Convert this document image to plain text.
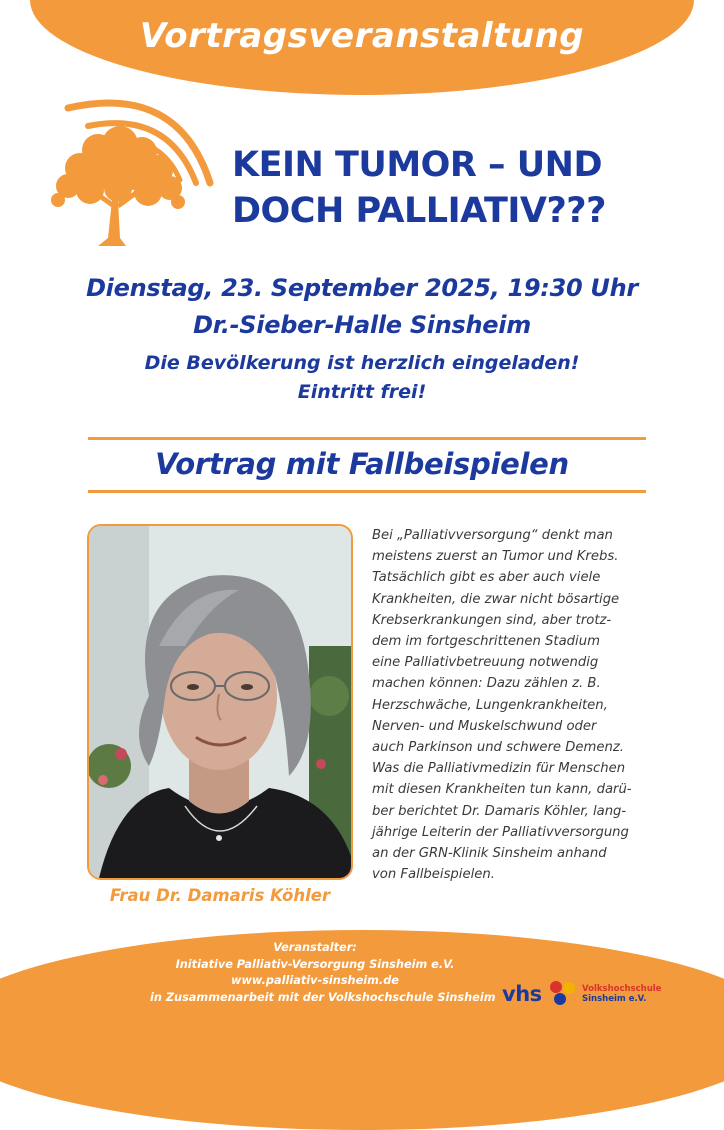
Vortragsveranstaltung
KEIN TUMOR – UND
DOCH PALLIATIV???
Dienstag, 23. September 2025, 19:30 Uhr
Dr.-Sieber-Halle Sinsheim
Die Bevölkerung ist herzlich eingeladen!
Eintritt frei!
Vortrag mit Fallbeispielen
Frau Dr. Damaris Köhler
Bei „Palliativversorgung“ denkt man
meistens zuerst an Tumor und Krebs.
Tatsächlich gibt es aber auch viele
Krankheiten, die zwar nicht bösartige
Krebserkrankungen sind, aber trotz-
dem im fortgeschrittenen Stadium
eine Palliativbetreuung notwendig
machen können: Dazu zählen z. B.
Herzschwäche, Lungenkrankheiten,
Nerven- und Muskelschwund oder
auch Parkinson und schwere Demenz.
Was die Palliativmedizin für Menschen
mit diesen Krankheiten tun kann, darü-
ber berichtet Dr. Damaris Köhler, lang-
jährige Leiterin der Palliativversorgung
an der GRN-Klinik Sinsheim anhand
von Fallbeispielen.
Veranstalter:
Initiative Palliativ-Versorgung Sinsheim e.V.
www.palliativ-sinsheim.de
in Zusammenarbeit mit der Volkshochschule Sinsheim vhs	Volkshochschule
Sinsheim e.V.
